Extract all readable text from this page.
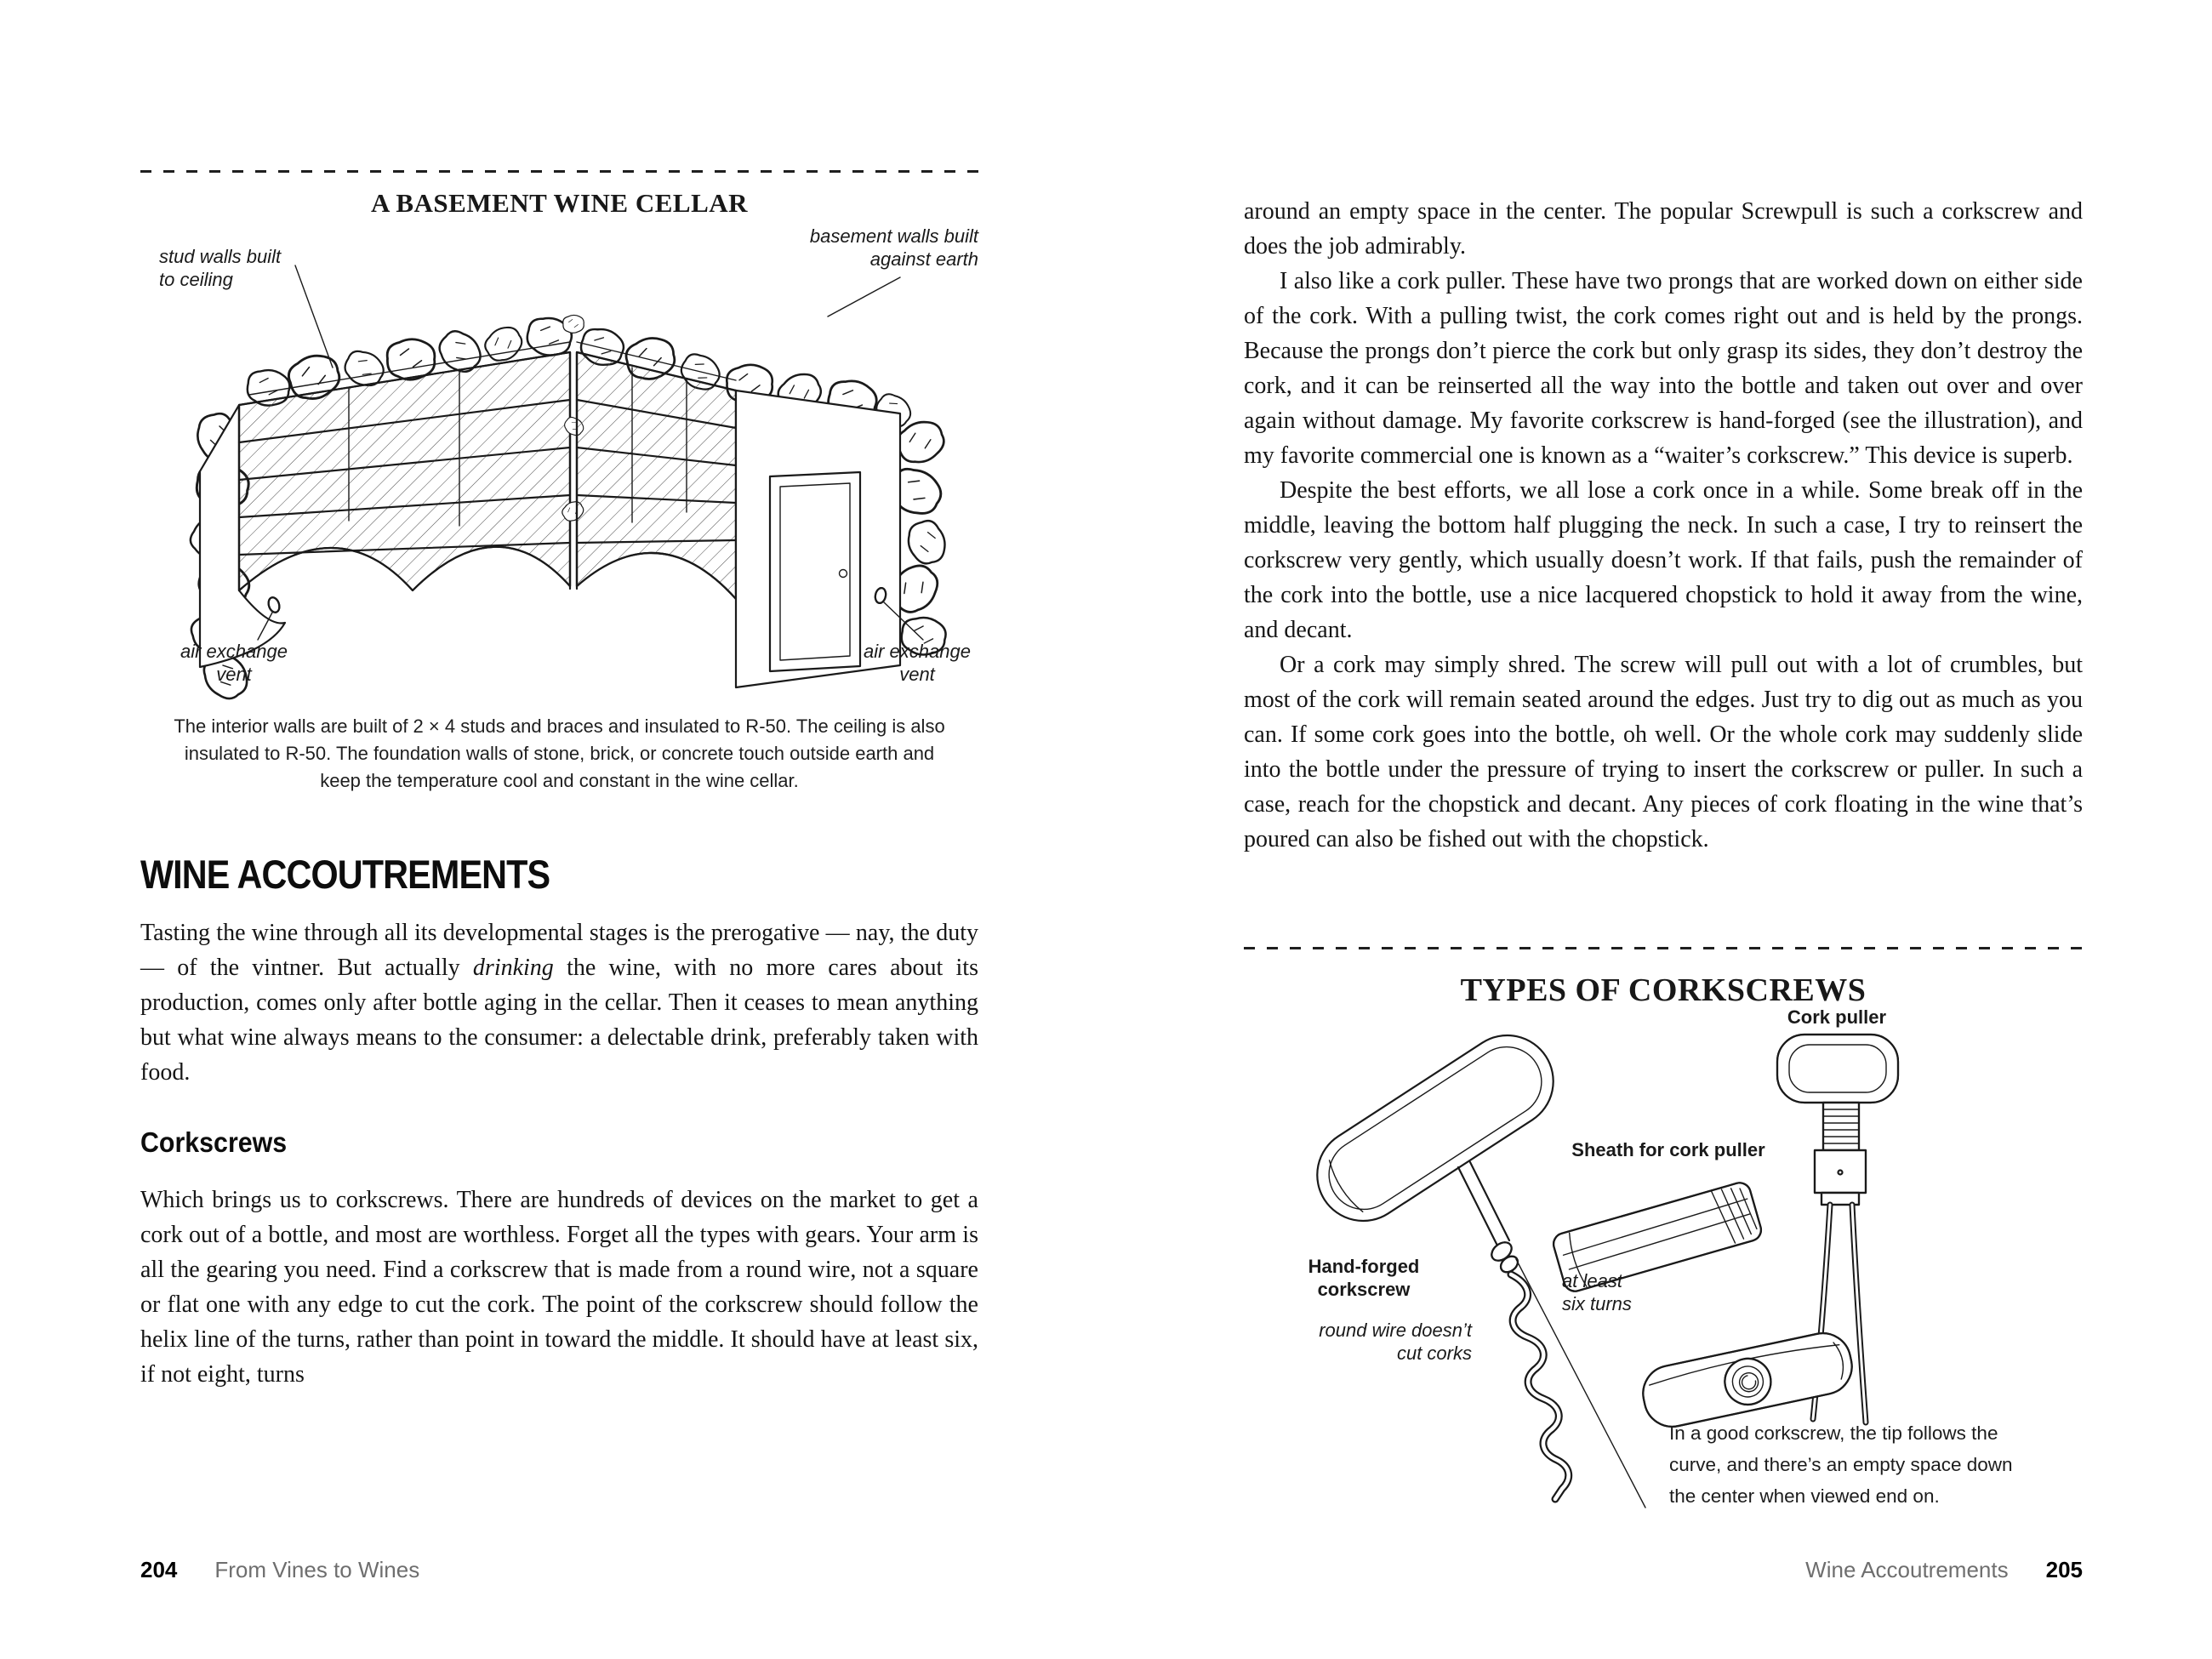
A BASEMENT WINE CELLAR
stud walls built
to ceiling
basement walls built
against earth
air exchange
vent
air exchange
vent
The interior walls are built of 2 × 4 studs and braces and insulated to R-50. The ceiling is also
insulated to R-50. The foundation walls of stone, brick, or concrete touch outside earth and
keep the temperature cool and constant in the wine cellar.
WINE ACCOUTREMENTS

Tasting the wine through all its developmental stages is the prerogative — nay, the duty — of the vintner. But actually drinking the wine, with no more cares about its production, comes only after bottle aging in the cellar. Then it ceases to mean anything but what wine always means to the consumer: a delectable drink, preferably taken with food.

Corkscrews

Which brings us to corkscrews. There are hundreds of devices on the market to get a cork out of a bottle, and most are worthless. Forget all the types with gears. Your arm is all the gearing you need. Find a corkscrew that is made from a round wire, not a square or flat one with any edge to cut the cork. The point of the corkscrew should follow the helix line of the turns, rather than point in toward the middle. It should have at least six, if not eight, turns

204 From Vines to Wines

around an empty space in the center. The popular Screwpull is such a corkscrew and does the job admirably.

I also like a cork puller. These have two prongs that are worked down on either side of the cork. With a pulling twist, the cork comes right out and is held by the prongs. Because the prongs don’t pierce the cork but only grasp its sides, they don’t destroy the cork, and it can be reinserted all the way into the bottle and taken out over and over again without damage. My favorite corkscrew is hand-forged (see the illustration), and my favorite commercial one is known as a “waiter’s corkscrew.” This device is superb.

Despite the best efforts, we all lose a cork once in a while. Some break off in the middle, leaving the bottom half plugging the neck. In such a case, I try to reinsert the corkscrew very gently, which usually doesn’t work. If that fails, push the remainder of the cork into the bottle, use a nice lacquered chopstick to hold it away from the wine, and decant.

Or a cork may simply shred. The screw will pull out with a lot of crumbles, but most of the cork will remain seated around the edges. Just try to dig out as much as you can. If some cork goes into the bottle, oh well. Or the whole cork may suddenly slide into the bottle under the pressure of trying to insert the corkscrew or puller. In such a case, reach for the chopstick and decant. Any pieces of cork floating in the wine that’s poured can also be fished out with the chopstick.

TYPES OF CORKSCREWS
Cork puller
Sheath for cork puller
Hand-forged
corkscrew
round wire doesn’t
cut corks
at least
six turns
In a good corkscrew, the tip follows the
curve, and there’s an empty space down
the center when viewed end on.
Wine Accoutrements 205
